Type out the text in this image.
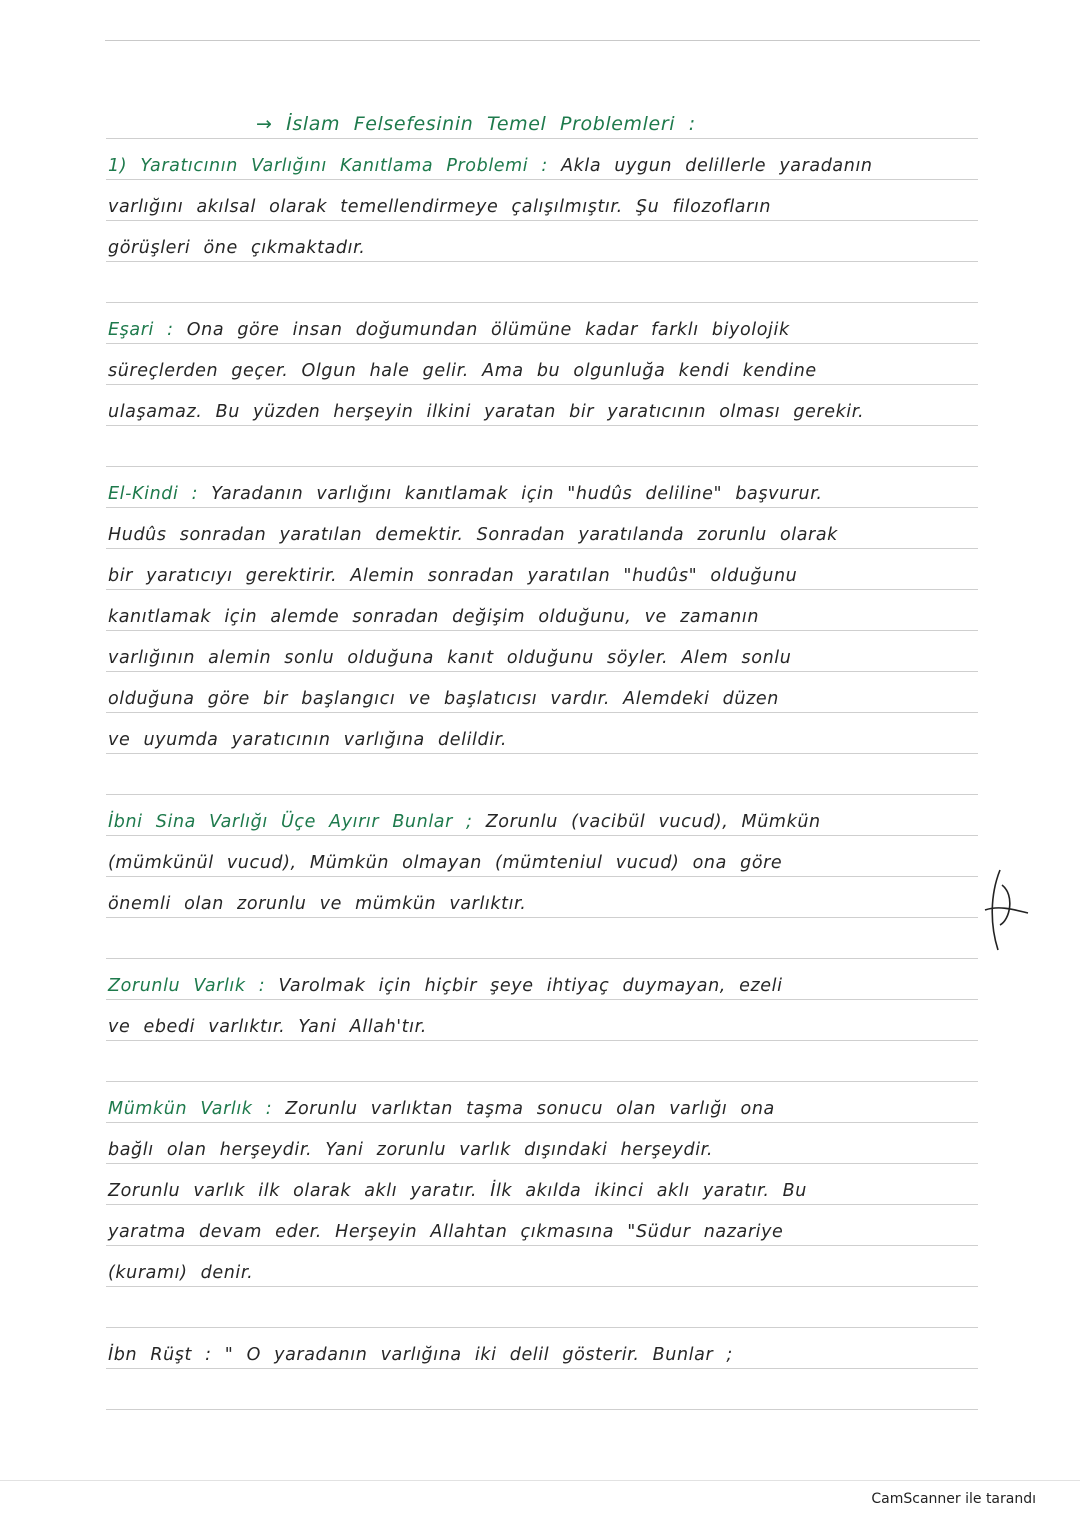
→ İslam Felsefesinin Temel Problemleri :
1) Yaratıcının Varlığını Kanıtlama Problemi : Akla uygun delillerle yaradanın
varlığını akılsal olarak temellendirmeye çalışılmıştır. Şu filozofların
görüşleri öne çıkmaktadır.
Eşari : Ona göre insan doğumundan ölümüne kadar farklı biyolojik
süreçlerden geçer. Olgun hale gelir. Ama bu olgunluğa kendi kendine
ulaşamaz. Bu yüzden herşeyin ilkini yaratan bir yaratıcının olması gerekir.
El-Kindi : Yaradanın varlığını kanıtlamak için "hudûs deliline" başvurur.
Hudûs sonradan yaratılan demektir. Sonradan yaratılanda zorunlu olarak
bir yaratıcıyı gerektirir. Alemin sonradan yaratılan "hudûs" olduğunu
kanıtlamak için alemde sonradan değişim olduğunu, ve zamanın
varlığının alemin sonlu olduğuna kanıt olduğunu söyler. Alem sonlu
olduğuna göre bir başlangıcı ve başlatıcısı vardır. Alemdeki düzen
ve uyumda yaratıcının varlığına delildir.
İbni Sina Varlığı Üçe Ayırır Bunlar ; Zorunlu (vacibül vucud), Mümkün
(mümkünül vucud), Mümkün olmayan (mümteniul vucud) ona göre
önemli olan zorunlu ve mümkün varlıktır.
Zorunlu Varlık : Varolmak için hiçbir şeye ihtiyaç duymayan, ezeli
ve ebedi varlıktır. Yani Allah'tır.
Mümkün Varlık : Zorunlu varlıktan taşma sonucu olan varlığı ona
bağlı olan herşeydir. Yani zorunlu varlık dışındaki herşeydir.
Zorunlu varlık ilk olarak aklı yaratır. İlk akılda ikinci aklı yaratır. Bu
yaratma devam eder. Herşeyin Allahtan çıkmasına "Südur nazariye
(kuramı) denir.
İbn Rüşt : " O yaradanın varlığına iki delil gösterir. Bunlar ;
CamScanner ile tarandı
